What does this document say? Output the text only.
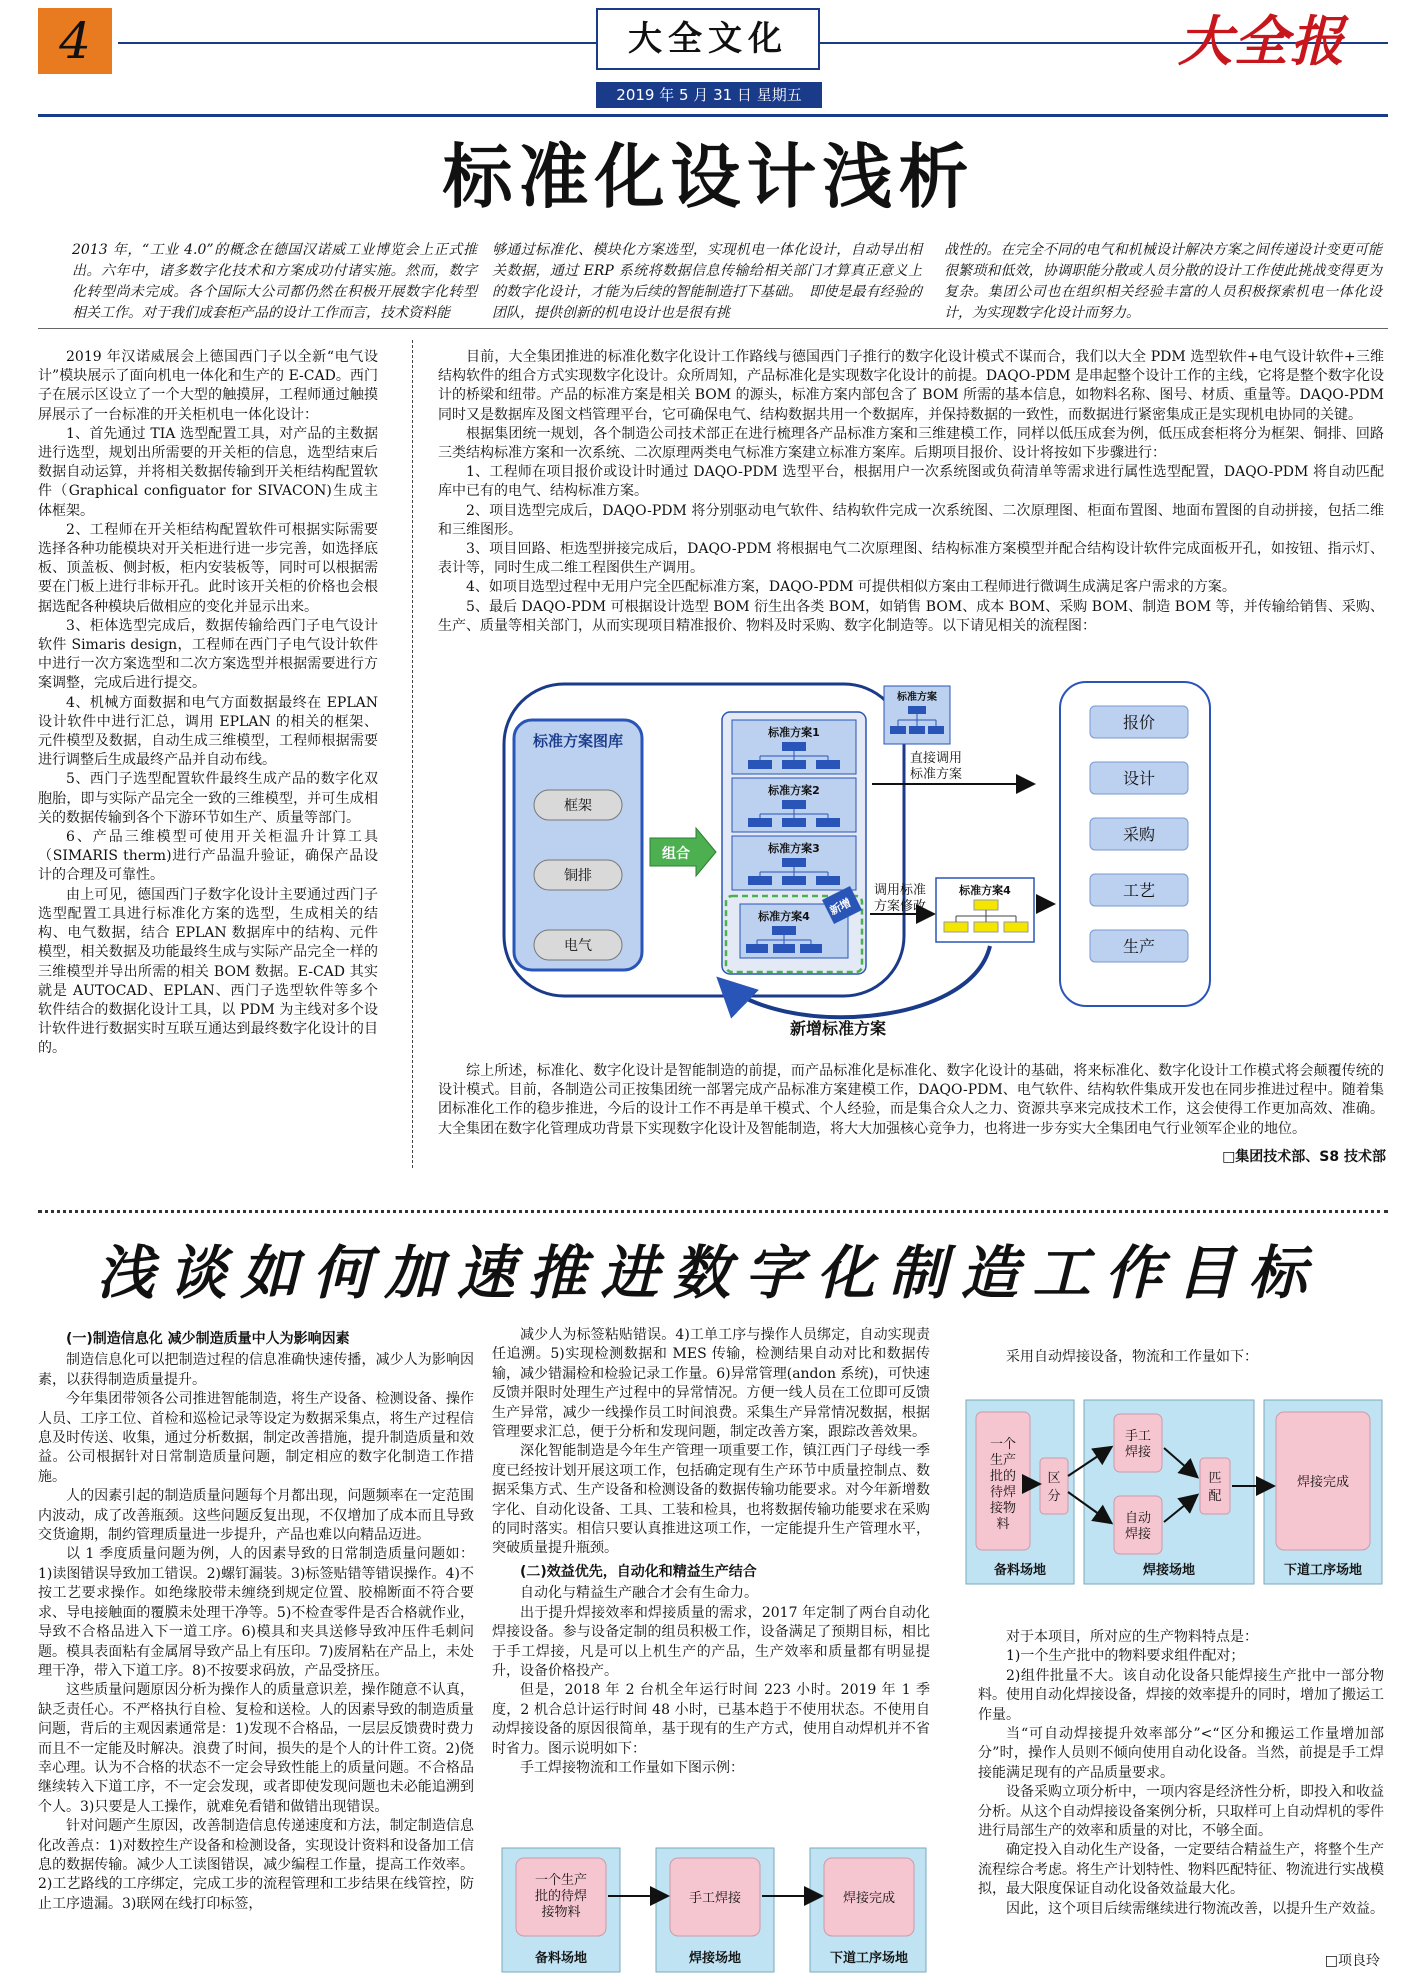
4	大全文化
2019 年 5 月 31 日 星期五
大全报
标准化设计浅析
2013 年，“工业 4.0”的概念在德国汉诺威工业博览会上正式推出。六年中，诸多数字化技术和方案成功付诸实施。然而，数字化转型尚未完成。各个国际大公司都仍然在积极开展数字化转型相关工作。对于我们成套柜产品的设计工作而言，技术资料能
够通过标准化、模块化方案选型，实现机电一体化设计，自动导出相关数据，通过 ERP 系统将数据信息传输给相关部门才算真正意义上的数字化设计，才能为后续的智能制造打下基础。　即使是最有经验的团队，提供创新的机电设计也是很有挑
战性的。在完全不同的电气和机械设计解决方案之间传递设计变更可能很繁琐和低效，协调职能分散或人员分散的设计工作使此挑战变得更为复杂。集团公司也在组织相关经验丰富的人员积极探索机电一体化设计，为实现数字化设计而努力。

2019 年汉诺威展会上德国西门子以全新“电气设计”模块展示了面向机电一体化和生产的 E-CAD。西门子在展示区设立了一个大型的触摸屏，工程师通过触摸屏展示了一台标准的开关柜机电一体化设计：

1、首先通过 TIA 选型配置工具，对产品的主数据进行选型，规划出所需要的开关柜的信息，选型结束后数据自动运算，并将相关数据传输到开关柜结构配置软件（Graphical configuator for SIVACON)生成主体框架。

2、工程师在开关柜结构配置软件可根据实际需要选择各种功能模块对开关柜进行进一步完善，如选择底板、顶盖板、侧封板，柜内安装板等，同时可以根据需要在门板上进行非标开孔。此时该开关柜的价格也会根据选配各种模块后做相应的变化并显示出来。

3、柜体选型完成后，数据传输给西门子电气设计软件 Simaris design，工程师在西门子电气设计软件中进行一次方案选型和二次方案选型并根据需要进行方案调整，完成后进行提交。

4、机械方面数据和电气方面数据最终在 EPLAN 设计软件中进行汇总，调用 EPLAN 的相关的框架、元件模型及数据，自动生成三维模型，工程师根据需要进行调整后生成最终产品并自动布线。

5、西门子选型配置软件最终生成产品的数字化双胞胎，即与实际产品完全一致的三维模型，并可生成相关的数据传输到各个下游环节如生产、质量等部门。

6、产品三维模型可使用开关柜温升计算工具（SIMARIS therm)进行产品温升验证，确保产品设计的合理及可靠性。

由上可见，德国西门子数字化设计主要通过西门子选型配置工具进行标准化方案的选型，生成相关的结构、电气数据，结合 EPLAN 数据库中的结构、元件模型，相关数据及功能最终生成与实际产品完全一样的三维模型并导出所需的相关 BOM 数据。E-CAD 其实就是 AUTOCAD、EPLAN、西门子选型软件等多个软件结合的数据化设计工具，以 PDM 为主线对多个设计软件进行数据实时互联互通达到最终数字化设计的目的。

目前，大全集团推进的标准化数字化设计工作路线与德国西门子推行的数字化设计模式不谋而合，我们以大全 PDM 选型软件+电气设计软件+三维结构软件的组合方式实现数字化设计。众所周知，产品标准化是实现数字化设计的前提。DAQO-PDM 是串起整个设计工作的主线，它将是整个数字化设计的桥梁和纽带。产品的标准方案是相关 BOM 的源头，标准方案内部包含了 BOM 所需的基本信息，如物料名称、图号、材质、重量等。DAQO-PDM 同时又是数据库及图文档管理平台，它可确保电气、结构数据共用一个数据库，并保持数据的一致性，而数据进行紧密集成正是实现机电协同的关键。

根据集团统一规划，各个制造公司技术部正在进行梳理各产品标准方案和三维建模工作，同样以低压成套为例，低压成套柜将分为框架、铜排、回路三类结构标准方案和一次系统、二次原理两类电气标准方案建立标准方案库。后期项目报价、设计将按如下步骤进行：

1、工程师在项目报价或设计时通过 DAQO-PDM 选型平台，根据用户一次系统图或负荷清单等需求进行属性选型配置，DAQO-PDM 将自动匹配库中已有的电气、结构标准方案。

2、项目选型完成后，DAQO-PDM 将分别驱动电气软件、结构软件完成一次系统图、二次原理图、柜面布置图、地面布置图的自动拼接，包括二维和三维图形。

3、项目回路、柜选型拼接完成后，DAQO-PDM 将根据电气二次原理图、结构标准方案模型并配合结构设计软件完成面板开孔，如按钮、指示灯、表计等，同时生成二维工程图供生产调用。

4、如项目选型过程中无用户完全匹配标准方案，DAQO-PDM 可提供相似方案由工程师进行微调生成满足客户需求的方案。

5、最后 DAQO-PDM 可根据设计选型 BOM 衍生出各类 BOM，如销售 BOM、成本 BOM、采购 BOM、制造 BOM 等，并传输给销售、采购、生产、质量等相关部门，从而实现项目精准报价、物料及时采购、数字化制造等。以下请见相关的流程图：

标准方案图库
框架
铜排
电气
组合
标准方案1
标准方案2
标准方案3
标准方案4 新增
标准方案
直接调用
标准方案
调用标准
方案修改
标准方案4
新增标准方案
报价
设计
采购
工艺
生产

综上所述，标准化、数字化设计是智能制造的前提，而产品标准化是标准化、数字化设计的基础，将来标准化、数字化设计工作模式将会颠覆传统的设计模式。目前，各制造公司正按集团统一部署完成产品标准方案建模工作，DAQO-PDM、电气软件、结构软件集成开发也在同步推进过程中。随着集团标准化工作的稳步推进，今后的设计工作不再是单干模式、个人经验，而是集合众人之力、资源共享来完成技术工作，这会使得工作更加高效、准确。大全集团在数字化管理成功背景下实现数字化设计及智能制造，将大大加强核心竞争力，也将进一步夯实大全集团电气行业领军企业的地位。

□集团技术部、S8 技术部
浅谈如何加速推进数字化制造工作目标
(一)制造信息化 减少制造质量中人为影响因素

制造信息化可以把制造过程的信息准确快速传播，减少人为影响因素，以获得制造质量提升。

今年集团带领各公司推进智能制造，将生产设备、检测设备、操作人员、工序工位、首检和巡检记录等设定为数据采集点，将生产过程信息及时传送、收集，通过分析数据，制定改善措施，提升制造质量和效益。公司根据针对日常制造质量问题，制定相应的数字化制造工作措施。

人的因素引起的制造质量问题每个月都出现，问题频率在一定范围内波动，成了改善瓶颈。这些问题反复出现，不仅增加了成本而且导致交货逾期，制约管理质量进一步提升，产品也难以向精品迈进。

以 1 季度质量问题为例，人的因素导致的日常制造质量问题如：1)读图错误导致加工错误。2)螺钉漏装。3)标签贴错等错误操作。4)不按工艺要求操作。如绝缘胶带未缠绕到规定位置、胶棉断面不符合要求、导电接触面的覆膜未处理干净等。5)不检查零件是否合格就作业，导致不合格品进入下一道工序。6)模具和夹具送修导致冲压件毛刺问题。模具表面粘有金属屑导致产品上有压印。7)废屑粘在产品上，未处理干净，带入下道工序。8)不按要求码放，产品受挤压。

这些质量问题原因分析为操作人的质量意识差，操作随意不认真，缺乏责任心。不严格执行自检、复检和送检。人的因素导致的制造质量问题，背后的主观因素通常是：1)发现不合格品，一层层反馈费时费力而且不一定能及时解决。浪费了时间，损失的是个人的计件工资。2)侥幸心理。认为不合格的状态不一定会导致性能上的质量问题。不合格品继续转入下道工序，不一定会发现，或者即使发现问题也未必能追溯到个人。3)只要是人工操作，就难免看错和做错出现错误。

针对问题产生原因，改善制造信息传递速度和方法，制定制造信息化改善点：1)对数控生产设备和检测设备，实现设计资料和设备加工信息的数据传输。减少人工读图错误，减少编程工作量，提高工作效率。2)工艺路线的工序绑定，完成工步的流程管理和工步结果在线管控，防止工序遗漏。3)联网在线打印标签，

减少人为标签粘贴错误。4)工单工序与操作人员绑定，自动实现责任追溯。5)实现检测数据和 MES 传输，检测结果自动对比和数据传输，减少错漏检和检验记录工作量。6)异常管理(andon 系统)，可快速反馈并限时处理生产过程中的异常情况。方便一线人员在工位即可反馈生产异常，减少一线操作员工时间浪费。采集生产异常情况数据，根据管理要求汇总，便于分析和发现问题，制定改善方案，跟踪改善效果。

深化智能制造是今年生产管理一项重要工作，镇江西门子母线一季度已经按计划开展这项工作，包括确定现有生产环节中质量控制点、数据采集方式、生产设备和检测设备的数据传输功能要求。对今年新增数字化、自动化设备、工具、工装和检具，也将数据传输功能要求在采购的同时落实。相信只要认真推进这项工作，一定能提升生产管理水平，突破质量提升瓶颈。

(二)效益优先，自动化和精益生产结合

自动化与精益生产融合才会有生命力。

出于提升焊接效率和焊接质量的需求，2017 年定制了两台自动化焊接设备。参与设备定制的组员积极工作，设备满足了预期目标，相比于手工焊接，凡是可以上机生产的产品，生产效率和质量都有明显提升，设备价格投产。

但是，2018 年 2 台机全年运行时间 223 小时。2019 年 1 季度，2 机合总计运行时间 48 小时，已基本趋于不使用状态。不使用自动焊接设备的原因很简单，基于现有的生产方式，使用自动焊机并不省时省力。图示说明如下：

手工焊接物流和工作量如下图示例：

一个生产
批的待焊
接物料
手工焊接	焊接完成
备料场地	焊接场地	下道工序场地

采用自动焊接设备，物流和工作量如下：

一个
生产
批的
待焊
接物
料
区
分
手工
焊接
自动
焊接
匹
配
焊接完成
备料场地	焊接场地	下道工序场地

对于本项目，所对应的生产物料特点是：

1)一个生产批中的物料要求组件配对；

2)组件批量不大。该自动化设备只能焊接生产批中一部分物料。使用自动化焊接设备，焊接的效率提升的同时，增加了搬运工作量。

当“可自动焊接提升效率部分”<“区分和搬运工作量增加部分”时，操作人员则不倾向使用自动化设备。当然，前提是手工焊接能满足现有的产品质量要求。

设备采购立项分析中，一项内容是经济性分析，即投入和收益分析。从这个自动焊接设备案例分析，只取样可上自动焊机的零件进行局部生产的效率和质量的对比，不够全面。

确定投入自动化生产设备，一定要结合精益生产，将整个生产流程综合考虑。将生产计划特性、物料匹配特征、物流进行实战模拟，最大限度保证自动化设备效益最大化。

因此，这个项目后续需继续进行物流改善，以提升生产效益。

□项良玲
